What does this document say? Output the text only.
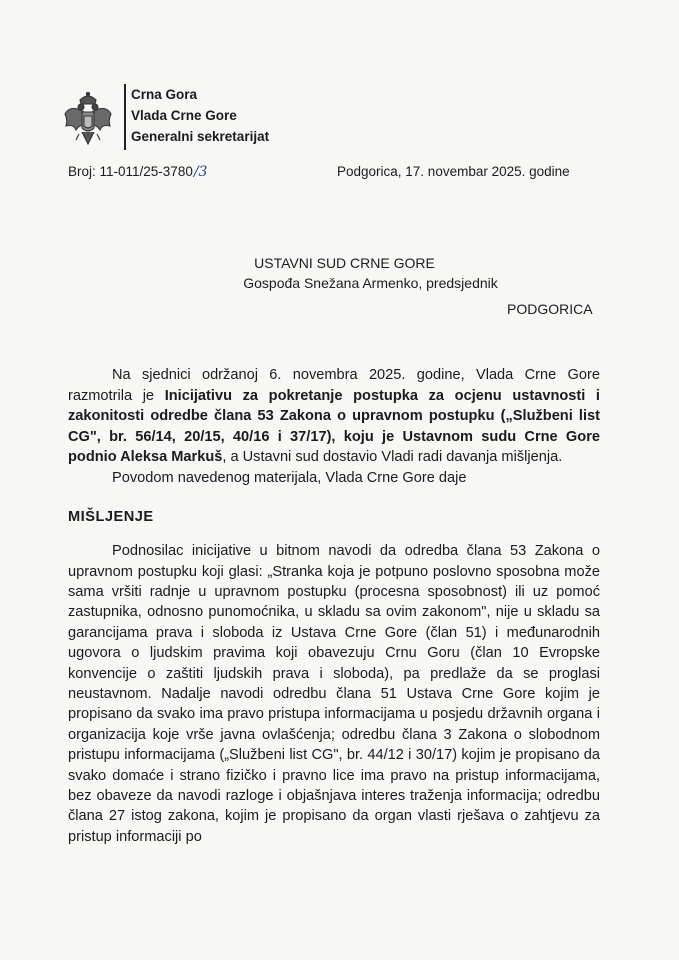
Crna Gora
Vlada Crne Gore
Generalni sekretarijat
Broj: 11-011/25-3780/3	Podgorica, 17. novembar 2025. godine
USTAVNI SUD CRNE GORE
Gospođa Snežana Armenko, predsjednik
PODGORICA

Na sjednici održanoj 6. novembra 2025. godine, Vlada Crne Gore razmotrila je Inicijativu za pokretanje postupka za ocjenu ustavnosti i zakonitosti odredbe člana 53 Zakona o upravnom postupku („Službeni list CG", br. 56/14, 20/15, 40/16 i 37/17), koju je Ustavnom sudu Crne Gore podnio Aleksa Markuš, a Ustavni sud dostavio Vladi radi davanja mišljenja.

Povodom navedenog materijala, Vlada Crne Gore daje

MIŠLJENJE

Podnosilac inicijative u bitnom navodi da odredba člana 53 Zakona o upravnom postupku koji glasi: „Stranka koja je potpuno poslovno sposobna može sama vršiti radnje u upravnom postupku (procesna sposobnost) ili uz pomoć zastupnika, odnosno punomoćnika, u skladu sa ovim zakonom", nije u skladu sa garancijama prava i sloboda iz Ustava Crne Gore (član 51) i međunarodnih ugovora o ljudskim pravima koji obavezuju Crnu Goru (član 10 Evropske konvencije o zaštiti ljudskih prava i sloboda), pa predlaže da se proglasi neustavnom. Nadalje navodi odredbu člana 51 Ustava Crne Gore kojim je propisano da svako ima pravo pristupa informacijama u posjedu državnih organa i organizacija koje vrše javna ovlašćenja; odredbu člana 3 Zakona o slobodnom pristupu informacijama („Službeni list CG", br. 44/12 i 30/17) kojim je propisano da svako domaće i strano fizičko i pravno lice ima pravo na pristup informacijama, bez obaveze da navodi razloge i objašnjava interes traženja informacija; odredbu člana 27 istog zakona, kojim je propisano da organ vlasti rješava o zahtjevu za pristup informaciji po
